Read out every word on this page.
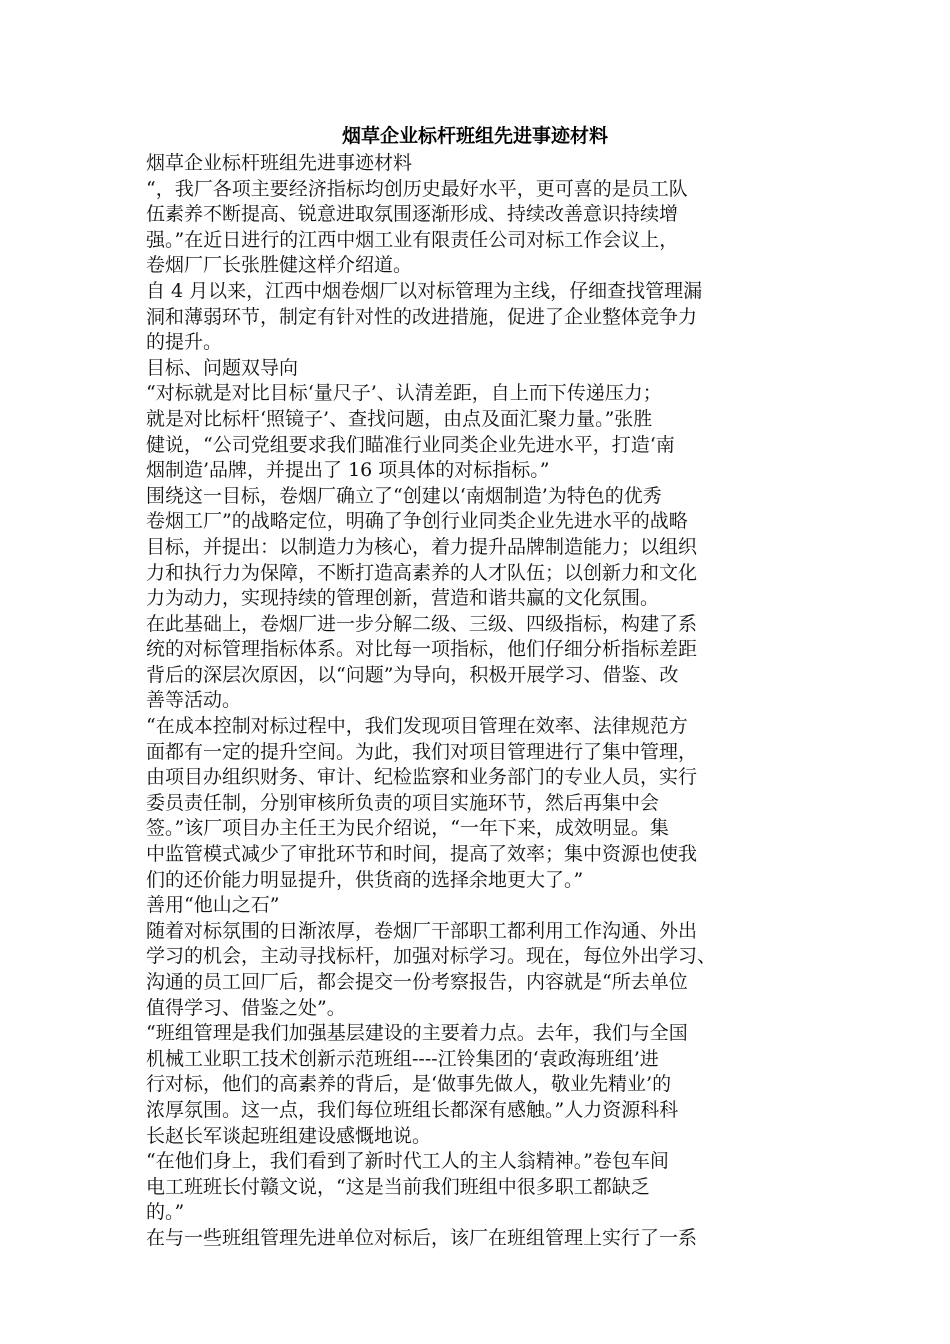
烟草企业标杆班组先进事迹材料
烟草企业标杆班组先进事迹材料
“，我厂各项主要经济指标均创历史最好水平，更可喜的是员工队
伍素养不断提高、锐意进取氛围逐渐形成、持续改善意识持续增
强。”在近日进行的江西中烟工业有限责任公司对标工作会议上，
卷烟厂厂长张胜健这样介绍道。
自 4 月以来，江西中烟卷烟厂以对标管理为主线，仔细查找管理漏
洞和薄弱环节，制定有针对性的改进措施，促进了企业整体竞争力
的提升。
目标、问题双导向
“对标就是对比目标‘量尺子’、认清差距，自上而下传递压力；
就是对比标杆‘照镜子’、查找问题，由点及面汇聚力量。”张胜
健说，“公司党组要求我们瞄准行业同类企业先进水平，打造‘南
烟制造’品牌，并提出了 16 项具体的对标指标。”
围绕这一目标，卷烟厂确立了“创建以‘南烟制造’为特色的优秀
卷烟工厂”的战略定位，明确了争创行业同类企业先进水平的战略
目标，并提出：以制造力为核心，着力提升品牌制造能力；以组织
力和执行力为保障，不断打造高素养的人才队伍；以创新力和文化
力为动力，实现持续的管理创新，营造和谐共赢的文化氛围。
在此基础上，卷烟厂进一步分解二级、三级、四级指标，构建了系
统的对标管理指标体系。对比每一项指标，他们仔细分析指标差距
背后的深层次原因，以“问题”为导向，积极开展学习、借鉴、改
善等活动。
“在成本控制对标过程中，我们发现项目管理在效率、法律规范方
面都有一定的提升空间。为此，我们对项目管理进行了集中管理，
由项目办组织财务、审计、纪检监察和业务部门的专业人员，实行
委员责任制，分别审核所负责的项目实施环节，然后再集中会
签。”该厂项目办主任王为民介绍说，“一年下来，成效明显。集
中监管模式减少了审批环节和时间，提高了效率；集中资源也使我
们的还价能力明显提升，供货商的选择余地更大了。”
善用“他山之石”
随着对标氛围的日渐浓厚，卷烟厂干部职工都利用工作沟通、外出
学习的机会，主动寻找标杆，加强对标学习。现在，每位外出学习、
沟通的员工回厂后，都会提交一份考察报告，内容就是“所去单位
值得学习、借鉴之处”。
“班组管理是我们加强基层建设的主要着力点。去年，我们与全国
机械工业职工技术创新示范班组----江铃集团的‘袁政海班组’进
行对标，他们的高素养的背后，是‘做事先做人，敬业先精业’的
浓厚氛围。这一点，我们每位班组长都深有感触。”人力资源科科
长赵长军谈起班组建设感慨地说。
“在他们身上，我们看到了新时代工人的主人翁精神。”卷包车间
电工班班长付赣文说，“这是当前我们班组中很多职工都缺乏
的。”
在与一些班组管理先进单位对标后，该厂在班组管理上实行了一系
